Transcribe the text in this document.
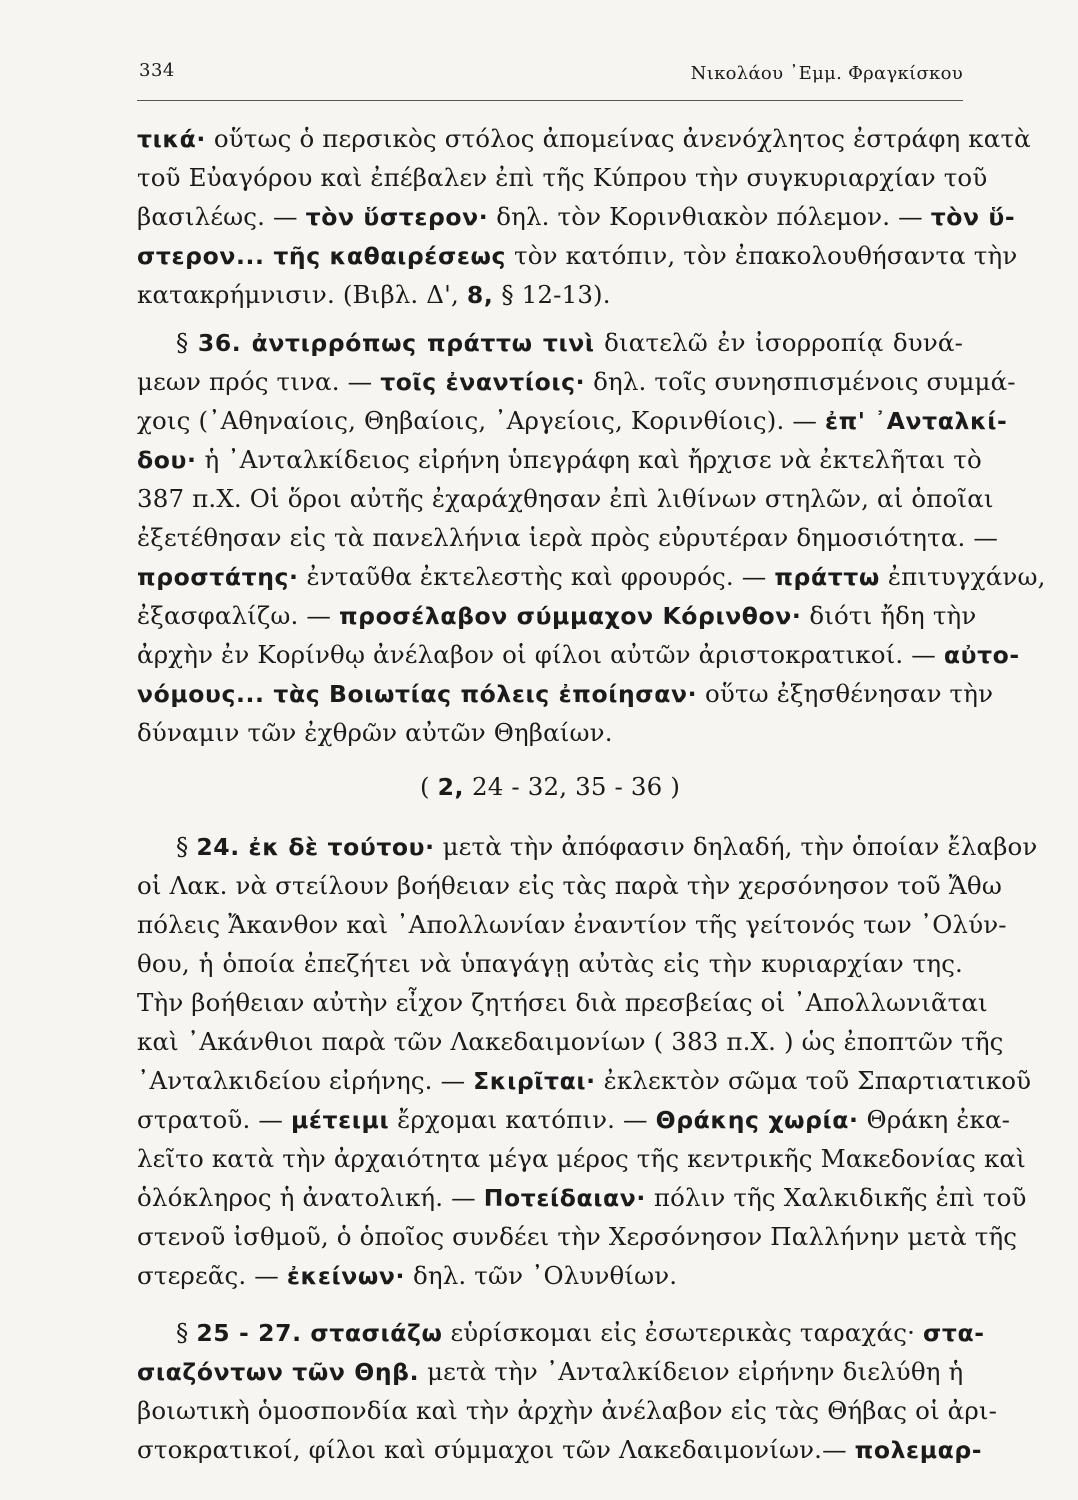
334	Νικολάου ᾿Εμμ. Φραγκίσκου
τικά· οὕτως ὁ περσικὸς στόλος ἀπομείνας ἀνενόχλητος ἐστράφη κατὰ
τοῦ Εὐαγόρου καὶ ἐπέβαλεν ἐπὶ τῆς Κύπρου τὴν συγκυριαρχίαν τοῦ
βασιλέως. — τὸν ὕστερον· δηλ. τὸν Κορινθιακὸν πόλεμον. — τὸν ὕ-
στερον... τῆς καθαιρέσεως τὸν κατόπιν, τὸν ἐπακολουθήσαντα τὴν
κατακρήμνισιν. (Βιβλ. Δ', 8, § 12-13).
§ 36. ἀντιρρόπως πράττω τινὶ διατελῶ ἐν ἰσορροπίᾳ δυνά-
μεων πρός τινα. — τοῖς ἐναντίοις· δηλ. τοῖς συνησπισμένοις συμμά-
χοις (᾿Αθηναίοις, Θηβαίοις, ᾿Αργείοις, Κορινθίοις). — ἐπ' ᾿Ανταλκί-
δου· ἡ ᾿Ανταλκίδειος εἰρήνη ὑπεγράφη καὶ ἤρχισε νὰ ἐκτελῆται τὸ
387 π.Χ. Οἱ ὅροι αὐτῆς ἐχαράχθησαν ἐπὶ λιθίνων στηλῶν, αἱ ὁποῖαι
ἐξετέθησαν εἰς τὰ πανελλήνια ἱερὰ πρὸς εὐρυτέραν δημοσιότητα. —
προστάτης· ἐνταῦθα ἐκτελεστὴς καὶ φρουρός. — πράττω ἐπιτυγχάνω,
ἐξασφαλίζω. — προσέλαβον σύμμαχον Κόρινθον· διότι ἤδη τὴν
ἀρχὴν ἐν Κορίνθῳ ἀνέλαβον οἱ φίλοι αὐτῶν ἀριστοκρατικοί. — αὐτο-
νόμους... τὰς Βοιωτίας πόλεις ἐποίησαν· οὕτω ἐξησθένησαν τὴν
δύναμιν τῶν ἐχθρῶν αὐτῶν Θηβαίων.
( 2, 24 - 32, 35 - 36 )
§ 24. ἐκ δὲ τούτου· μετὰ τὴν ἀπόφασιν δηλαδή, τὴν ὁποίαν ἔλαβον
οἱ Λακ. νὰ στείλουν βοήθειαν εἰς τὰς παρὰ τὴν χερσόνησον τοῦ Ἄθω
πόλεις Ἄκανθον καὶ ᾿Απολλωνίαν ἐναντίον τῆς γείτονός των ᾿Ολύν-
θου, ἡ ὁποία ἐπεζήτει νὰ ὑπαγάγῃ αὐτὰς εἰς τὴν κυριαρχίαν της.
Τὴν βοήθειαν αὐτὴν εἶχον ζητήσει διὰ πρεσβείας οἱ ᾿Απολλωνιᾶται
καὶ ᾿Ακάνθιοι παρὰ τῶν Λακεδαιμονίων ( 383 π.Χ. ) ὡς ἐποπτῶν τῆς
᾿Ανταλκιδείου εἰρήνης. — Σκιρῖται· ἐκλεκτὸν σῶμα τοῦ Σπαρτιατικοῦ
στρατοῦ. — μέτειμι ἔρχομαι κατόπιν. — Θράκης χωρία· Θράκη ἐκα-
λεῖτο κατὰ τὴν ἀρχαιότητα μέγα μέρος τῆς κεντρικῆς Μακεδονίας καὶ
ὁλόκληρος ἡ ἀνατολική. — Ποτείδαιαν· πόλιν τῆς Χαλκιδικῆς ἐπὶ τοῦ
στενοῦ ἰσθμοῦ, ὁ ὁποῖος συνδέει τὴν Χερσόνησον Παλλήνην μετὰ τῆς
στερεᾶς. — ἐκείνων· δηλ. τῶν ᾿Ολυνθίων.
§ 25 - 27. στασιάζω εὑρίσκομαι εἰς ἐσωτερικὰς ταραχάς· στα-
σιαζόντων τῶν Θηβ. μετὰ τὴν ᾿Ανταλκίδειον εἰρήνην διελύθη ἡ
βοιωτικὴ ὁμοσπονδία καὶ τὴν ἀρχὴν ἀνέλαβον εἰς τὰς Θήβας οἱ ἀρι-
στοκρατικοί, φίλοι καὶ σύμμαχοι τῶν Λακεδαιμονίων.— πολεμαρ-
